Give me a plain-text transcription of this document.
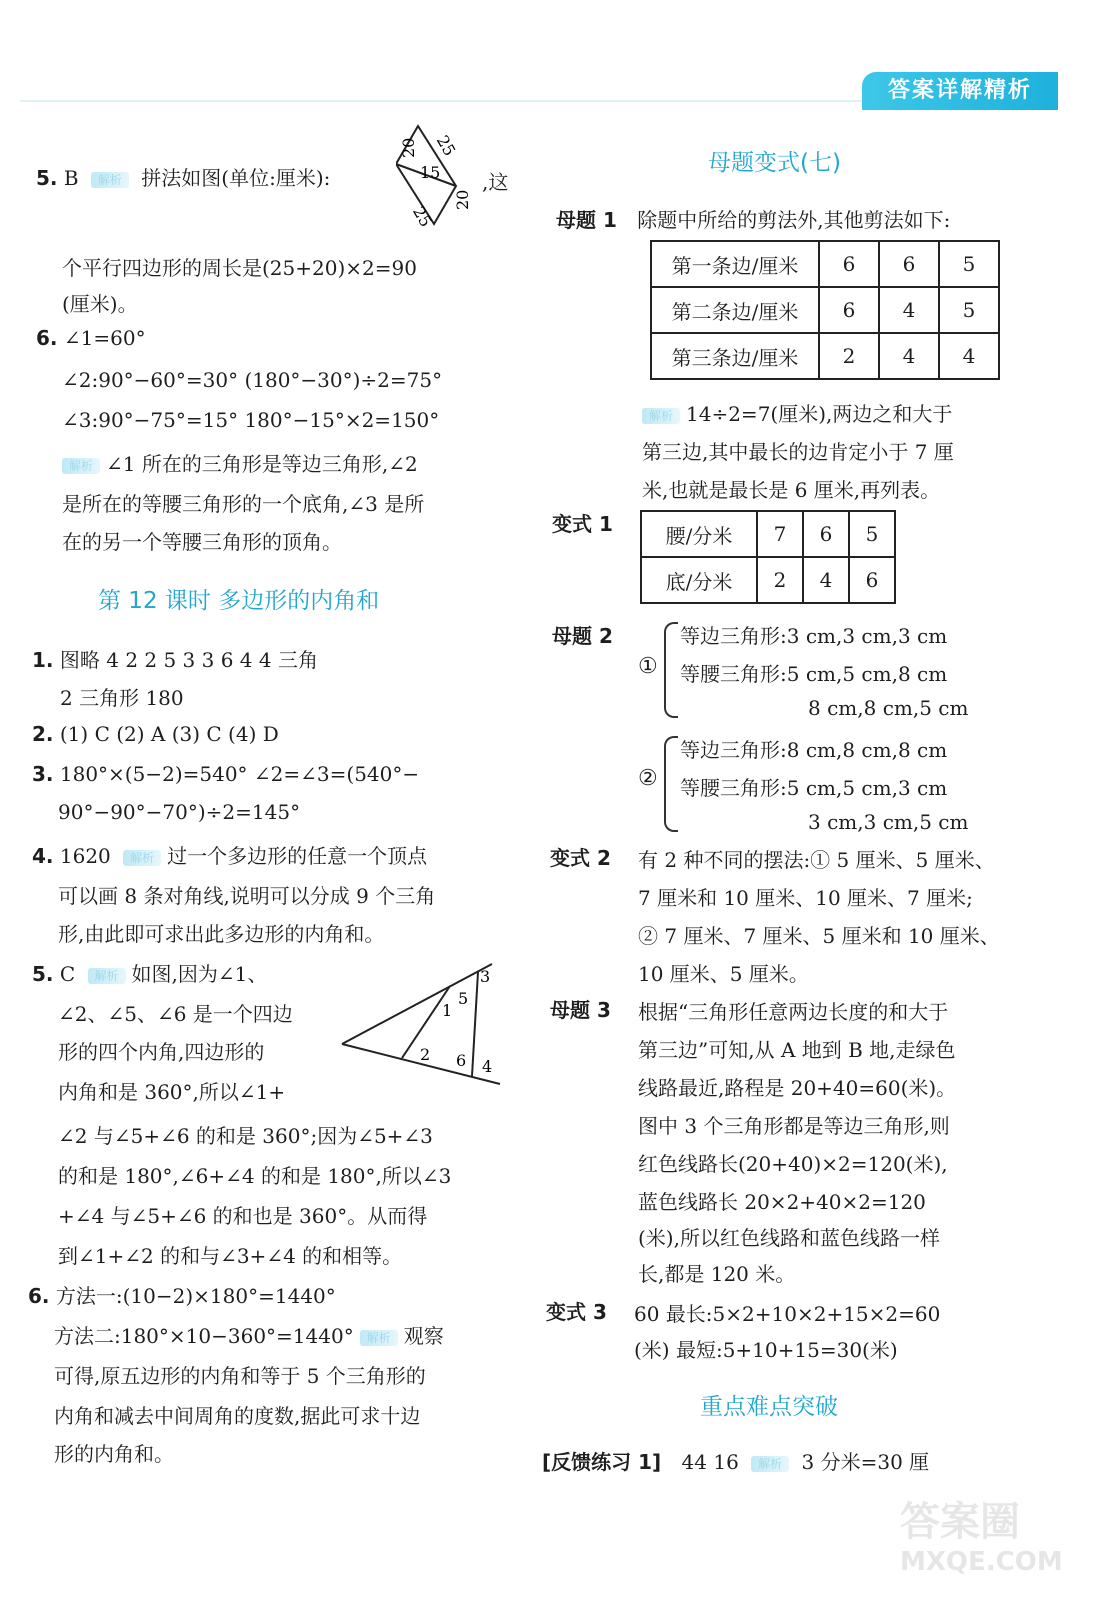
答案详解精析
5. B 解析 拼法如图(单位:厘米):
20 25
15
25
20
,这
个平行四边形的周长是(25+20)×2=90
(厘米)。
6. ∠1=60°
∠2:90°−60°=30° (180°−30°)÷2=75°
∠3:90°−75°=15° 180°−15°×2=150°
解析 ∠1 所在的三角形是等边三角形,∠2
是所在的等腰三角形的一个底角,∠3 是所
在的另一个等腰三角形的顶角。
第 12 课时 多边形的内角和
1. 图略 4 2 2 5 3 3 6 4 4 三角
2 三角形 180
2. (1) C (2) A (3) C (4) D
3. 180°×(5−2)=540° ∠2=∠3=(540°−
90°−90°−70°)÷2=145°
4. 1620 解析 过一个多边形的任意一个顶点
可以画 8 条对角线,说明可以分成 9 个三角
形,由此即可求出此多边形的内角和。
5. C 解析 如图,因为∠1、
∠2、∠5、∠6 是一个四边
形的四个内角,四边形的
内角和是 360°,所以∠1+
3
5
1
2 6 4
∠2 与∠5+∠6 的和是 360°;因为∠5+∠3
的和是 180°,∠6+∠4 的和是 180°,所以∠3
+∠4 与∠5+∠6 的和也是 360°。从而得
到∠1+∠2 的和与∠3+∠4 的和相等。
6. 方法一:(10−2)×180°=1440°
方法二:180°×10−360°=1440° 解析 观察
可得,原五边形的内角和等于 5 个三角形的
内角和减去中间周角的度数,据此可求十边
形的内角和。
母题变式(七)
母题 1 除题中所给的剪法外,其他剪法如下:
第一条边/厘米	6	6	5
第二条边/厘米	6	4	5
第三条边/厘米	2	4	4
解析 14÷2=7(厘米),两边之和大于
第三边,其中最长的边肯定小于 7 厘
米,也就是最长是 6 厘米,再列表。
变式 1	腰/分米	7	6	5
底/分米	2	4	6
母题 2
①
等边三角形:3 cm,3 cm,3 cm
等腰三角形:5 cm,5 cm,8 cm
8 cm,8 cm,5 cm
②
等边三角形:8 cm,8 cm,8 cm
等腰三角形:5 cm,5 cm,3 cm
3 cm,3 cm,5 cm
变式 2 有 2 种不同的摆法:① 5 厘米、5 厘米、
7 厘米和 10 厘米、10 厘米、7 厘米;
② 7 厘米、7 厘米、5 厘米和 10 厘米、
10 厘米、5 厘米。
母题 3 根据“三角形任意两边长度的和大于
第三边”可知,从 A 地到 B 地,走绿色
线路最近,路程是 20+40=60(米)。
图中 3 个三角形都是等边三角形,则
红色线路长(20+40)×2=120(米),
蓝色线路长 20×2+40×2=120
(米),所以红色线路和蓝色线路一样
长,都是 120 米。
变式 3 60 最长:5×2+10×2+15×2=60
(米) 最短:5+10+15=30(米)
重点难点突破
[反馈练习 1] 44 16 解析 3 分米=30 厘
答案圈
MXQE.COM
